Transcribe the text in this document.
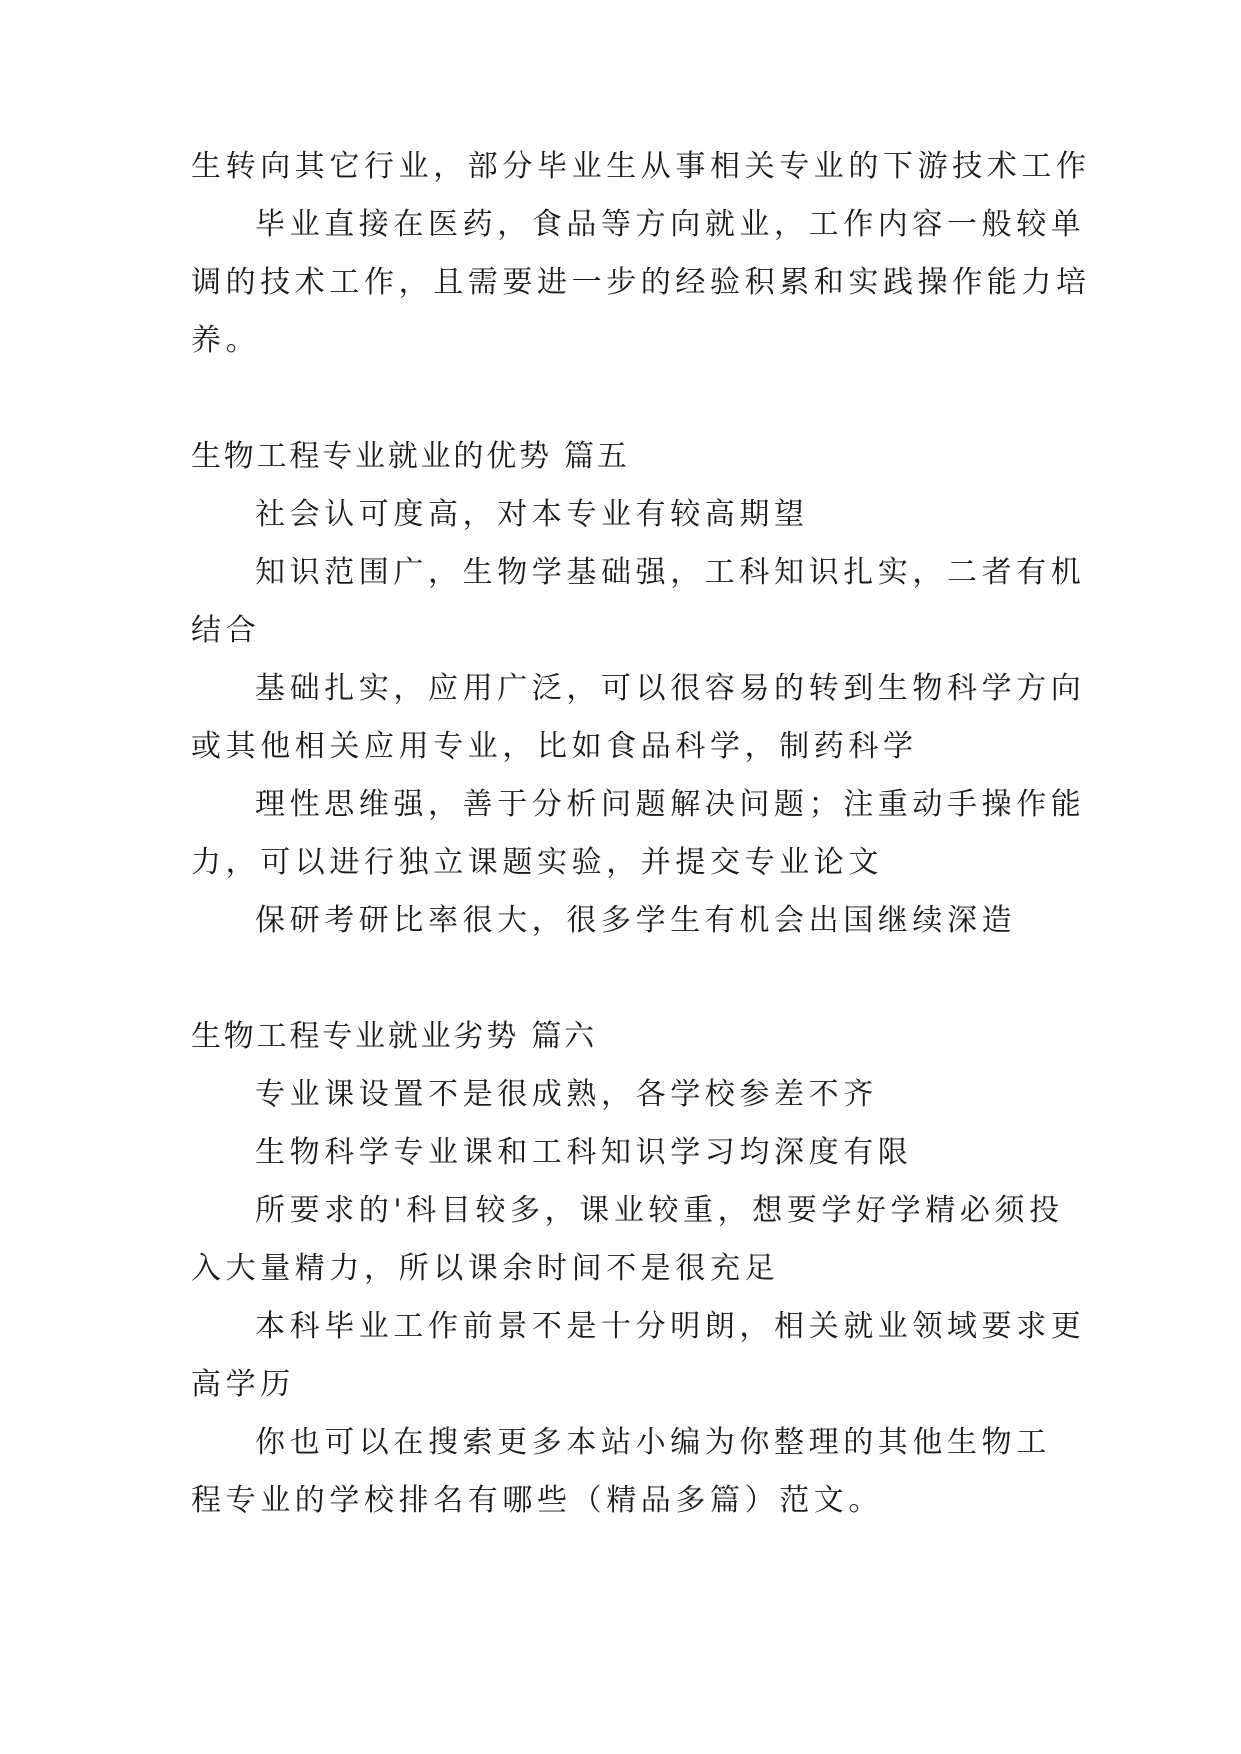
生转向其它行业，部分毕业生从事相关专业的下游技术工作
毕业直接在医药，食品等方向就业，工作内容一般较单
调的技术工作，且需要进一步的经验积累和实践操作能力培
养。
生物工程专业就业的优势 篇五
社会认可度高，对本专业有较高期望
知识范围广，生物学基础强，工科知识扎实，二者有机
结合
基础扎实，应用广泛，可以很容易的转到生物科学方向
或其他相关应用专业，比如食品科学，制药科学
理性思维强，善于分析问题解决问题；注重动手操作能
力，可以进行独立课题实验，并提交专业论文
保研考研比率很大，很多学生有机会出国继续深造
生物工程专业就业劣势 篇六
专业课设置不是很成熟，各学校参差不齐
生物科学专业课和工科知识学习均深度有限
所要求的'科目较多，课业较重，想要学好学精必须投
入大量精力，所以课余时间不是很充足
本科毕业工作前景不是十分明朗，相关就业领域要求更
高学历
你也可以在搜索更多本站小编为你整理的其他生物工
程专业的学校排名有哪些（精品多篇）范文。
